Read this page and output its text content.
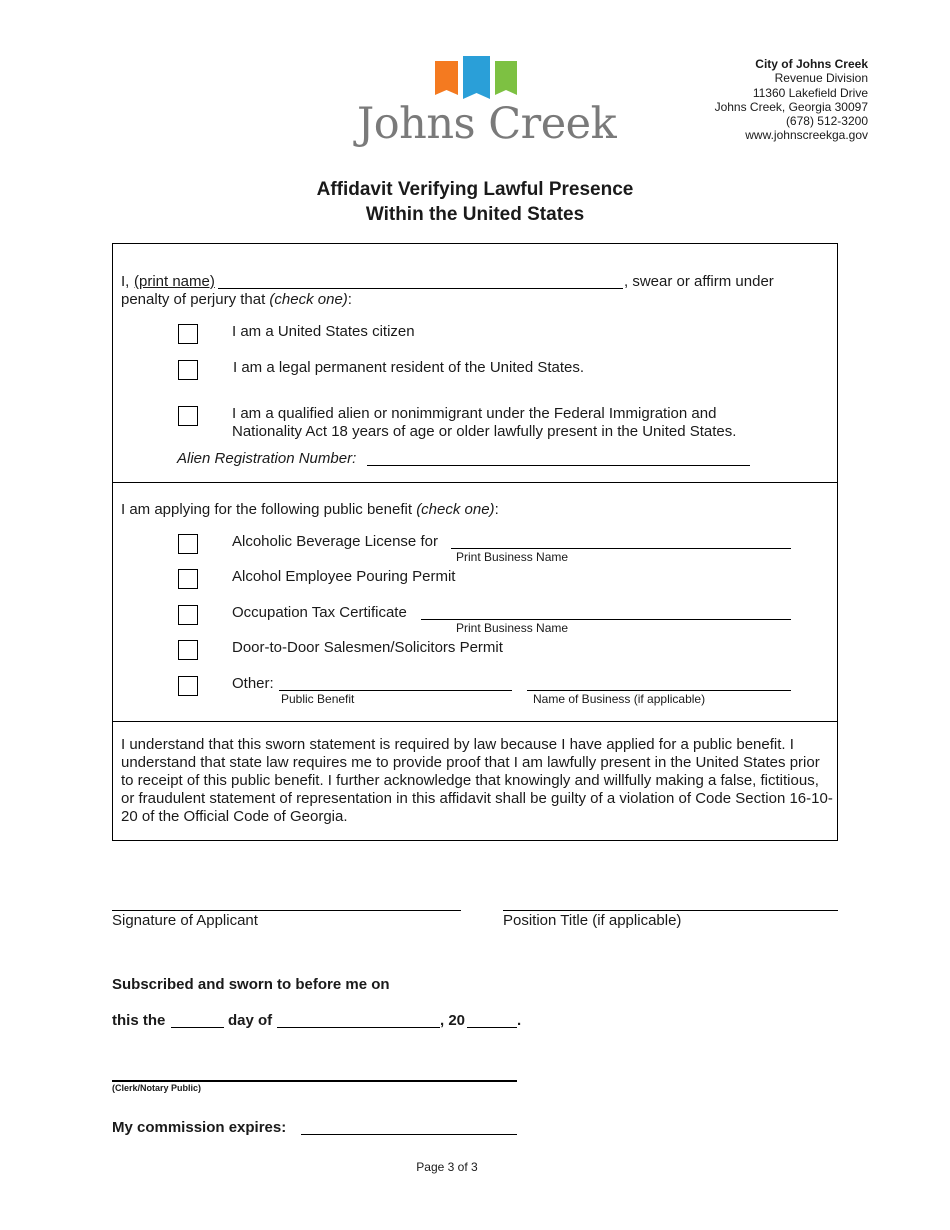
Johns Creek
City of Johns Creek
Revenue Division
11360 Lakefield Drive
Johns Creek, Georgia 30097
(678) 512-3200
www.johnscreekga.gov
Affidavit Verifying Lawful Presence
Within the United States
I, (print name)	, swear or affirm under
penalty of perjury that (check one):
I am a United States citizen
I am a legal permanent resident of the United States.
I am a qualified alien or nonimmigrant under the Federal Immigration and
Nationality Act 18 years of age or older lawfully present in the United States.
Alien Registration Number:
I am applying for the following public benefit (check one):
Alcoholic Beverage License for
Print Business Name
Alcohol Employee Pouring Permit
Occupation Tax Certificate
Print Business Name
Door-to-Door Salesmen/Solicitors Permit
Other:
Public Benefit	Name of Business (if applicable)
I understand that this sworn statement is required by law because I have applied for a public benefit. I understand that state law requires me to provide proof that I am lawfully present in the United States prior to receipt of this public benefit. I further acknowledge that knowingly and willfully making a false, fictitious, or fraudulent statement of representation in this affidavit shall be guilty of a violation of Code Section 16-10-20 of the Official Code of Georgia.
Signature of Applicant	Position Title (if applicable)
Subscribed and sworn to before me on
this the	day of	, 20	.
(Clerk/Notary Public)
My commission expires:
Page 3 of 3
